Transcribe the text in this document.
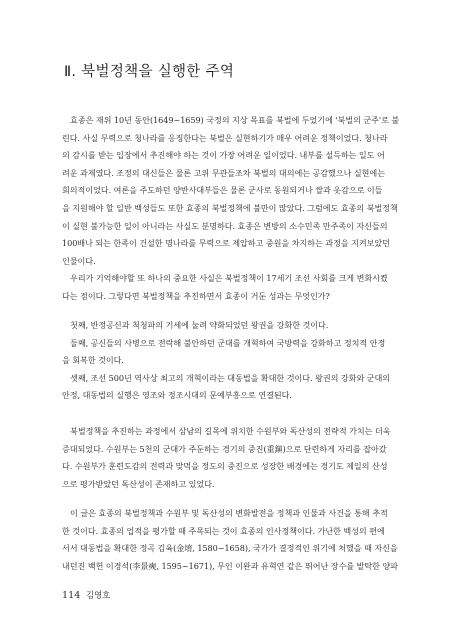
Ⅱ. 북벌정책을 실행한 주역
　효종은 재위 10년 동안(1649~1659) 국정의 지상 목표를 북벌에 두었기에 '북벌의 군주'로 불
린다. 사실 무력으로 청나라를 응징한다는 북벌은 실현하기가 매우 어려운 정책이었다. 청나라
의 감시를 받는 입장에서 추진해야 하는 것이 가장 어려운 일이었다. 내부를 설득하는 일도 어
려운 과제였다. 조정의 대신들은 물론 고위 무관들조차 북벌의 대의에는 공감했으나 실현에는
회의적이었다. 여론을 주도하던 양반사대부들은 물론 군사로 동원되거나 쌀과 옷감으로 이들
을 지원해야 할 일반 백성들도 또한 효종의 북벌정책에 불만이 많았다. 그럼에도 효종의 북벌정책
이 실현 불가능한 일이 아니라는 사실도 분명하다. 효종은 변방의 소수민족 만주족이 자신들의
100배나 되는 한족이 건설한 명나라를 무력으로 제압하고 중원을 차지하는 과정을 지켜보았던
인물이다.
　우리가 기억해야할 또 하나의 중요한 사실은 북벌정책이 17세기 조선 사회를 크게 변화시켰
다는 점이다. 그렇다면 북벌정책을 추진하면서 효종이 거둔 성과는 무엇인가?
　첫째, 반정공신과 척청파의 기세에 눌려 약화되었던 왕권을 강화한 것이다.
　둘째, 공신들의 사병으로 전락해 불안하던 군대를 개혁하여 국방력을 강화하고 정치적 안정
을 회복한 것이다.
　셋째, 조선 500년 역사상 최고의 개혁이라는 대동법을 확대한 것이다. 왕권의 강화와 군대의
안정, 대동법의 실행은 영조와 정조시대의 문예부흥으로 연결된다.
　북벌정책을 추진하는 과정에서 삼남의 길목에 위치한 수원부와 독산성의 전략적 가치는 더욱
증대되었다. 수원부는 5천의 군대가 주둔하는 경기의 중진(重鎭)으로 단련하게 자리를 잡아갔
다. 수원부가 훈련도감의 전력과 맞먹을 정도의 중진으로 성장한 배경에는 경기도 제일의 산성
으로 평가받았던 독산성이 존재하고 있었다.
　이 글은 효종의 북벌정책과 수원부 및 독산성의 변화발전을 정책과 인물과 사건을 통해 추적
한 것이다. 효종의 업적을 평가할 때 주목되는 것이 효종의 인사정책이다. 가난한 백성의 편에
서서 대동법을 확대한 정곡 김육(金堉, 1580~1658), 국가가 결정적인 위기에 처했을 때 자신을
내던진 백헌 이경석(李景奭, 1595~1671), 무인 이완과 유혁연 같은 뛰어난 장수를 발탁한 양파
114 김영호
